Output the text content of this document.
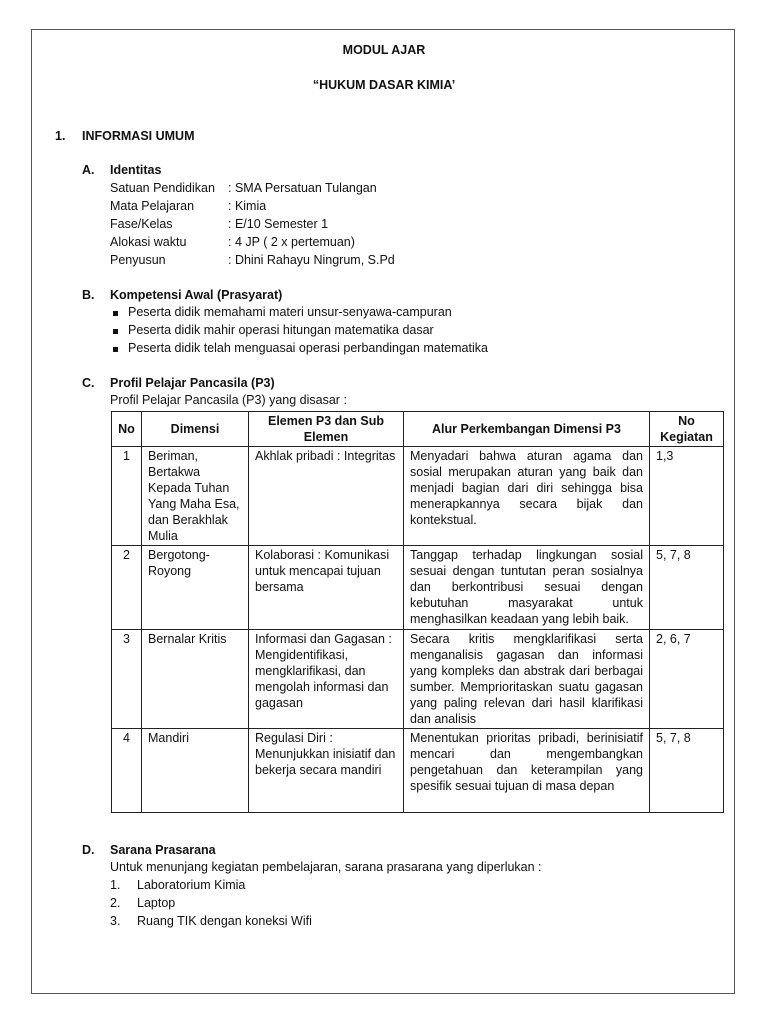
MODUL AJAR
“HUKUM DASAR KIMIA’
1. INFORMASI UMUM
A. Identitas
Satuan Pendidikan : SMA Persatuan Tulangan
Mata Pelajaran	: Kimia
Fase/Kelas	: E/10 Semester 1
Alokasi waktu	: 4 JP ( 2 x pertemuan)
Penyusun	: Dhini Rahayu Ningrum, S.Pd
B. Kompetensi Awal (Prasyarat)
Peserta didik memahami materi unsur-senyawa-campuran
Peserta didik mahir operasi hitungan matematika dasar
Peserta didik telah menguasai operasi perbandingan matematika
C. Profil Pelajar Pancasila (P3)
Profil Pelajar Pancasila (P3) yang disasar :
No	Dimensi	Elemen P3 dan Sub Elemen	Alur Perkembangan Dimensi P3	No Kegiatan
1	Beriman, Bertakwa Kepada Tuhan Yang Maha Esa, dan Berakhlak Mulia	Akhlak pribadi : Integritas	Menyadari bahwa aturan agama dan sosial merupakan aturan yang baik dan menjadi bagian dari diri sehingga bisa menerapkannya secara bijak dan kontekstual.	1,3
2	Bergotong-Royong	Kolaborasi : Komunikasi untuk mencapai tujuan bersama	Tanggap terhadap lingkungan sosial sesuai dengan tuntutan peran sosialnya dan berkontribusi sesuai dengan kebutuhan masyarakat untuk menghasilkan keadaan yang lebih baik.	5, 7, 8
3	Bernalar Kritis	Informasi dan Gagasan : Mengidentifikasi, mengklarifikasi, dan mengolah informasi dan gagasan	Secara kritis mengklarifikasi serta menganalisis gagasan dan informasi yang kompleks dan abstrak dari berbagai sumber. Memprioritaskan suatu gagasan yang paling relevan dari hasil klarifikasi dan analisis	2, 6, 7
4	Mandiri	Regulasi Diri : Menunjukkan inisiatif dan bekerja secara mandiri	Menentukan prioritas pribadi, berinisiatif mencari dan mengembangkan pengetahuan dan keterampilan yang spesifik sesuai tujuan di masa depan	5, 7, 8
D. Sarana Prasarana
Untuk menunjang kegiatan pembelajaran, sarana prasarana yang diperlukan :
1. Laboratorium Kimia
2. Laptop
3. Ruang TIK dengan koneksi Wifi
